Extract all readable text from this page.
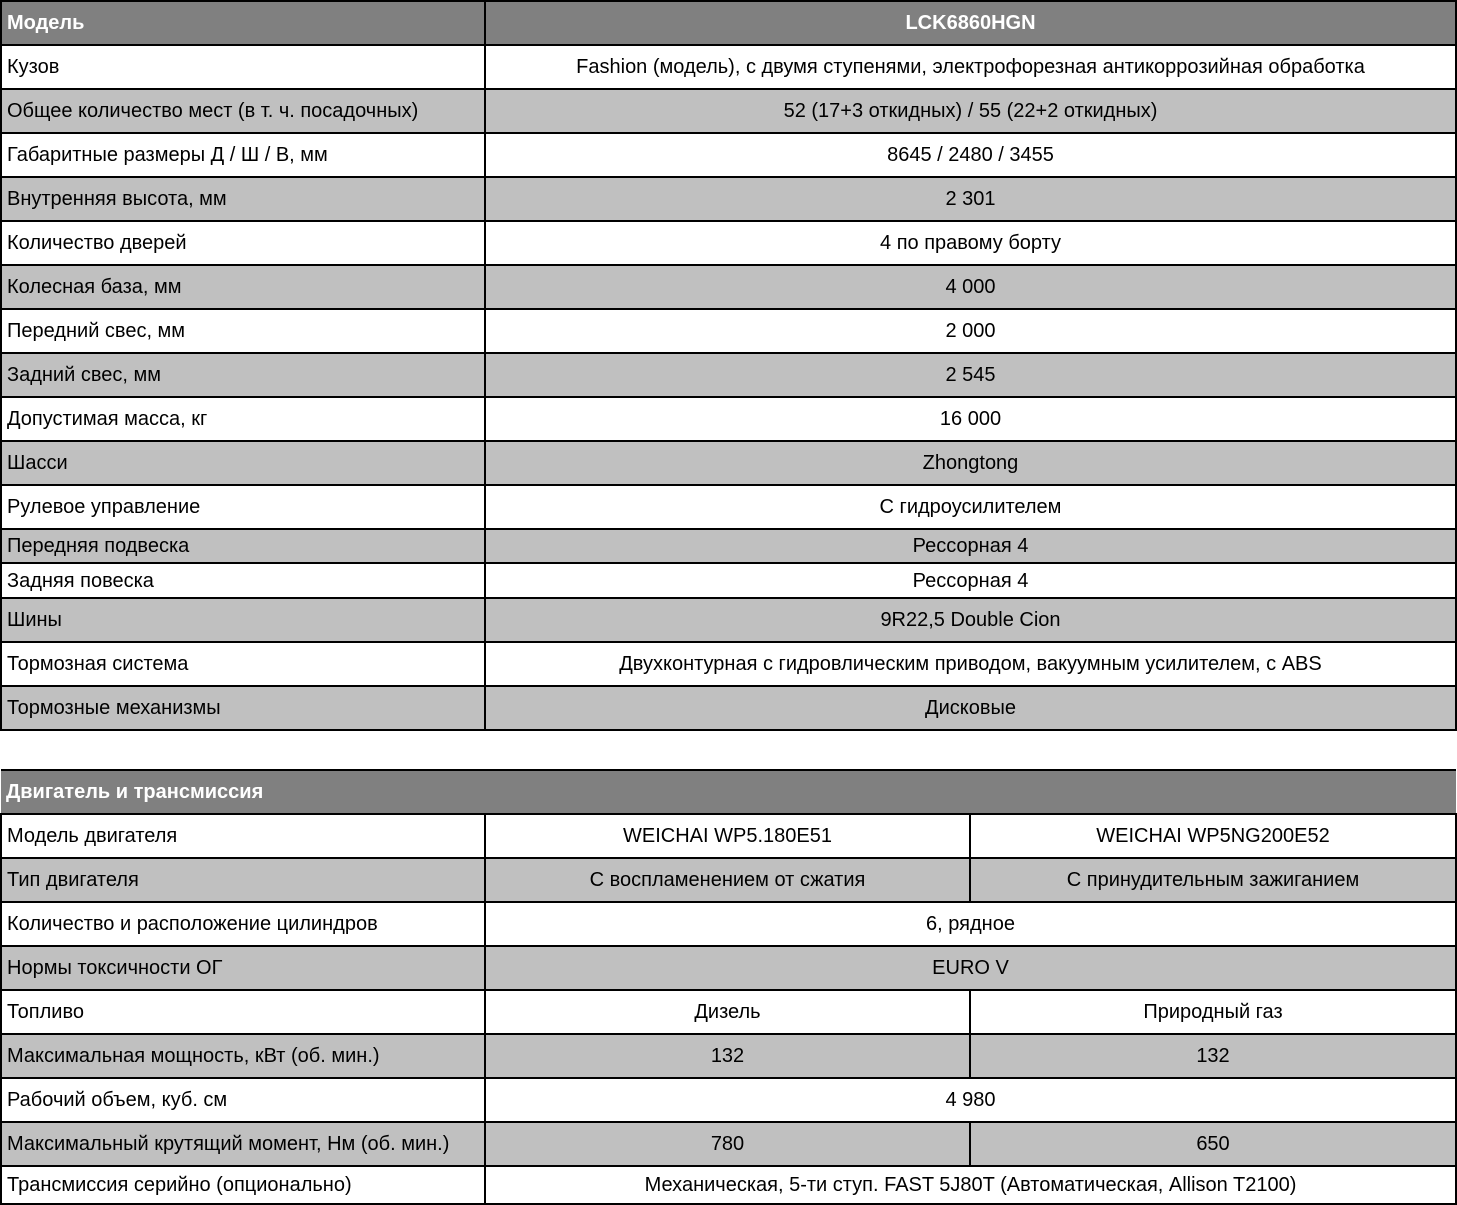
Модель	LCK6860HGN
Кузов	Fashion (модель), с двумя ступенями, электрофорезная антикоррозийная обработка
Общее количество мест (в т. ч. посадочных)	52 (17+3 откидных) / 55 (22+2 откидных)
Габаритные размеры Д / Ш / В, мм	8645 / 2480 / 3455
Внутренняя высота, мм	2 301
Количество дверей	4 по правому борту
Колесная база, мм	4 000
Передний свес, мм	2 000
Задний свес, мм	2 545
Допустимая масса, кг	16 000
Шасси	Zhongtong
Рулевое управление	С гидроусилителем
Передняя подвеска	Рессорная 4
Задняя повеска	Рессорная 4
Шины	9R22,5 Double Cion
Тормозная система	Двухконтурная с гидровлическим приводом, вакуумным усилителем, с ABS
Тормозные механизмы	Дисковые
Двигатель и трансмиссия		
Модель двигателя	WEICHAI WP5.180E51	WEICHAI WP5NG200E52
Тип двигателя	С воспламенением от сжатия	С принудительным зажиганием
Количество и расположение цилиндров	6, рядное	
Нормы токсичности ОГ	EURO V	
Топливо	Дизель	Природный газ
Максимальная мощность, кВт (об. мин.)	132	132
Рабочий объем, куб. см	4 980	
Максимальный крутящий момент, Нм (об. мин.)	780	650
Трансмиссия серийно (опционально)	Механическая, 5-ти ступ. FAST 5J80T (Автоматическая, Allison T2100)	
